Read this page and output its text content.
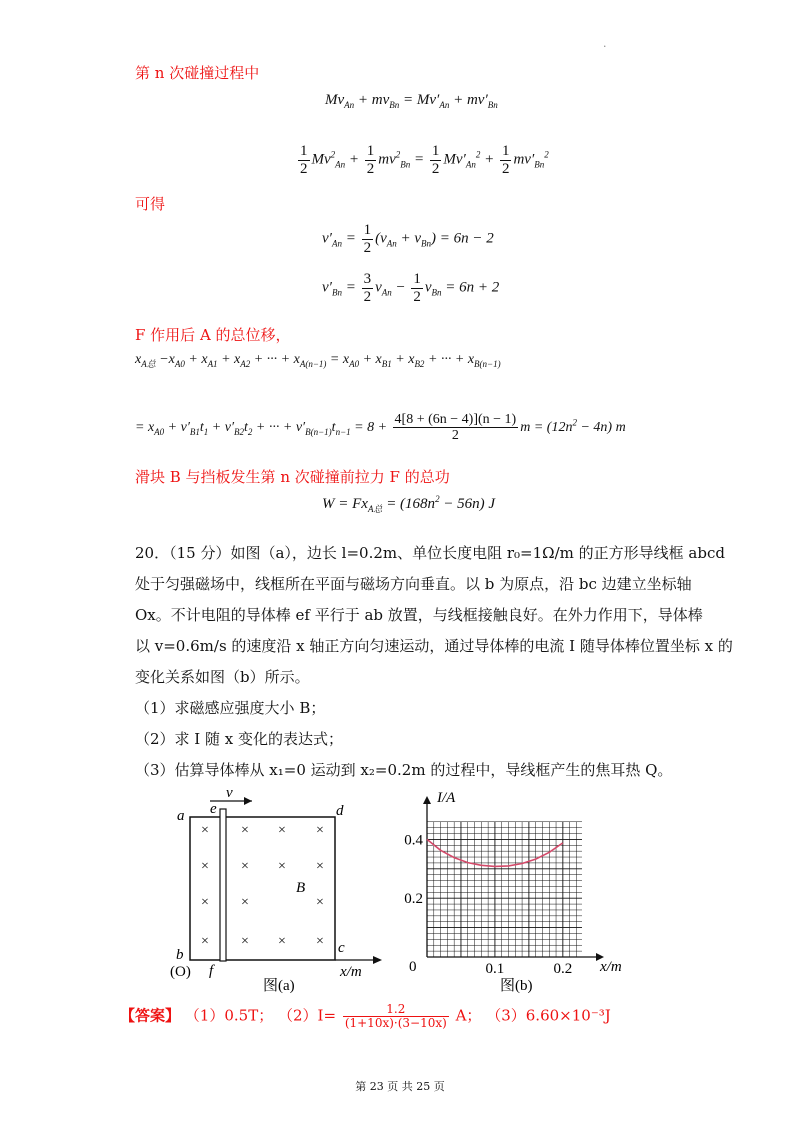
·
第 n 次碰撞过程中
$Mv_{An} + mv_{Bn} = Mv'_{An} + mv'_{Bn}$
$\frac{1}{2} Mv^2_{An} + \frac{1}{2} mv^2_{Bn} = \frac{1}{2} Mv'_{An}^2 + \frac{1}{2} mv'_{Bn}^2$
可得
$v'_{An} = \frac{1}{2} (v_{An} + v_{Bn}) = 6n - 2$
$v'_{Bn} = \frac{3}{2} v_{An} - \frac{1}{2} v_{Bn} = 6n + 2$
F 作用后 A 的总位移，
$x_{A总} -x_{A0} + x_{A1} + x_{A2}$ + ··· + $x_{A(n-1)} = x_{A0} + x_{B1} + x_{B2}$ + ··· + $x_{B(n-1)}$
= $x_{A0} + v'_{B1}t_1 + v'_{B2}t_2$ + ··· + $v'_{B(n-1)}t_{n-1} = 8 + \frac{4[8 + (6n - 4)](n - 1)}{2}$ $m = (12n^2 - 4n)$ m
滑块 B 与挡板发生第 n 次碰撞前拉力 F 的总功
$W = Fx_{A总} = (168n^2 - 56n)$ J
20．（15 分）如图（a），边长 l=0.2m、单位长度电阻 r₀=1Ω/m 的正方形导线框 abcd
处于匀强磁场中，线框所在平面与磁场方向垂直。以 b 为原点，沿 bc 边建立坐标轴
Ox。不计电阻的导体棒 ef 平行于 ab 放置，与线框接触良好。在外力作用下，导体棒
以 v=0.6m/s 的速度沿 x 轴正方向匀速运动，通过导体棒的电流 I 随导体棒位置坐标 x 的
变化关系如图（b）所示。
（1）求磁感应强度大小 B；
（2）求 I 随 x 变化的表达式；
（3）估算导体棒从 x₁=0 运动到 x₂=0.2m 的过程中，导线框产生的焦耳热 Q。
× × × ×
× × × ×
× ×	×
× × × ×
a	d
b	c
e
f
v
B
(O)	x/m
图(a)
0.1	0.2
0.2
0.4
I/A
x/m
0
图(b)
【答案】 （1）0.5T； $(2)I= \frac{1.2}{(1+10x)\cdot(3-10x)}$ A； （3）6.60×10⁻³J
第 23 页 共 25 页
